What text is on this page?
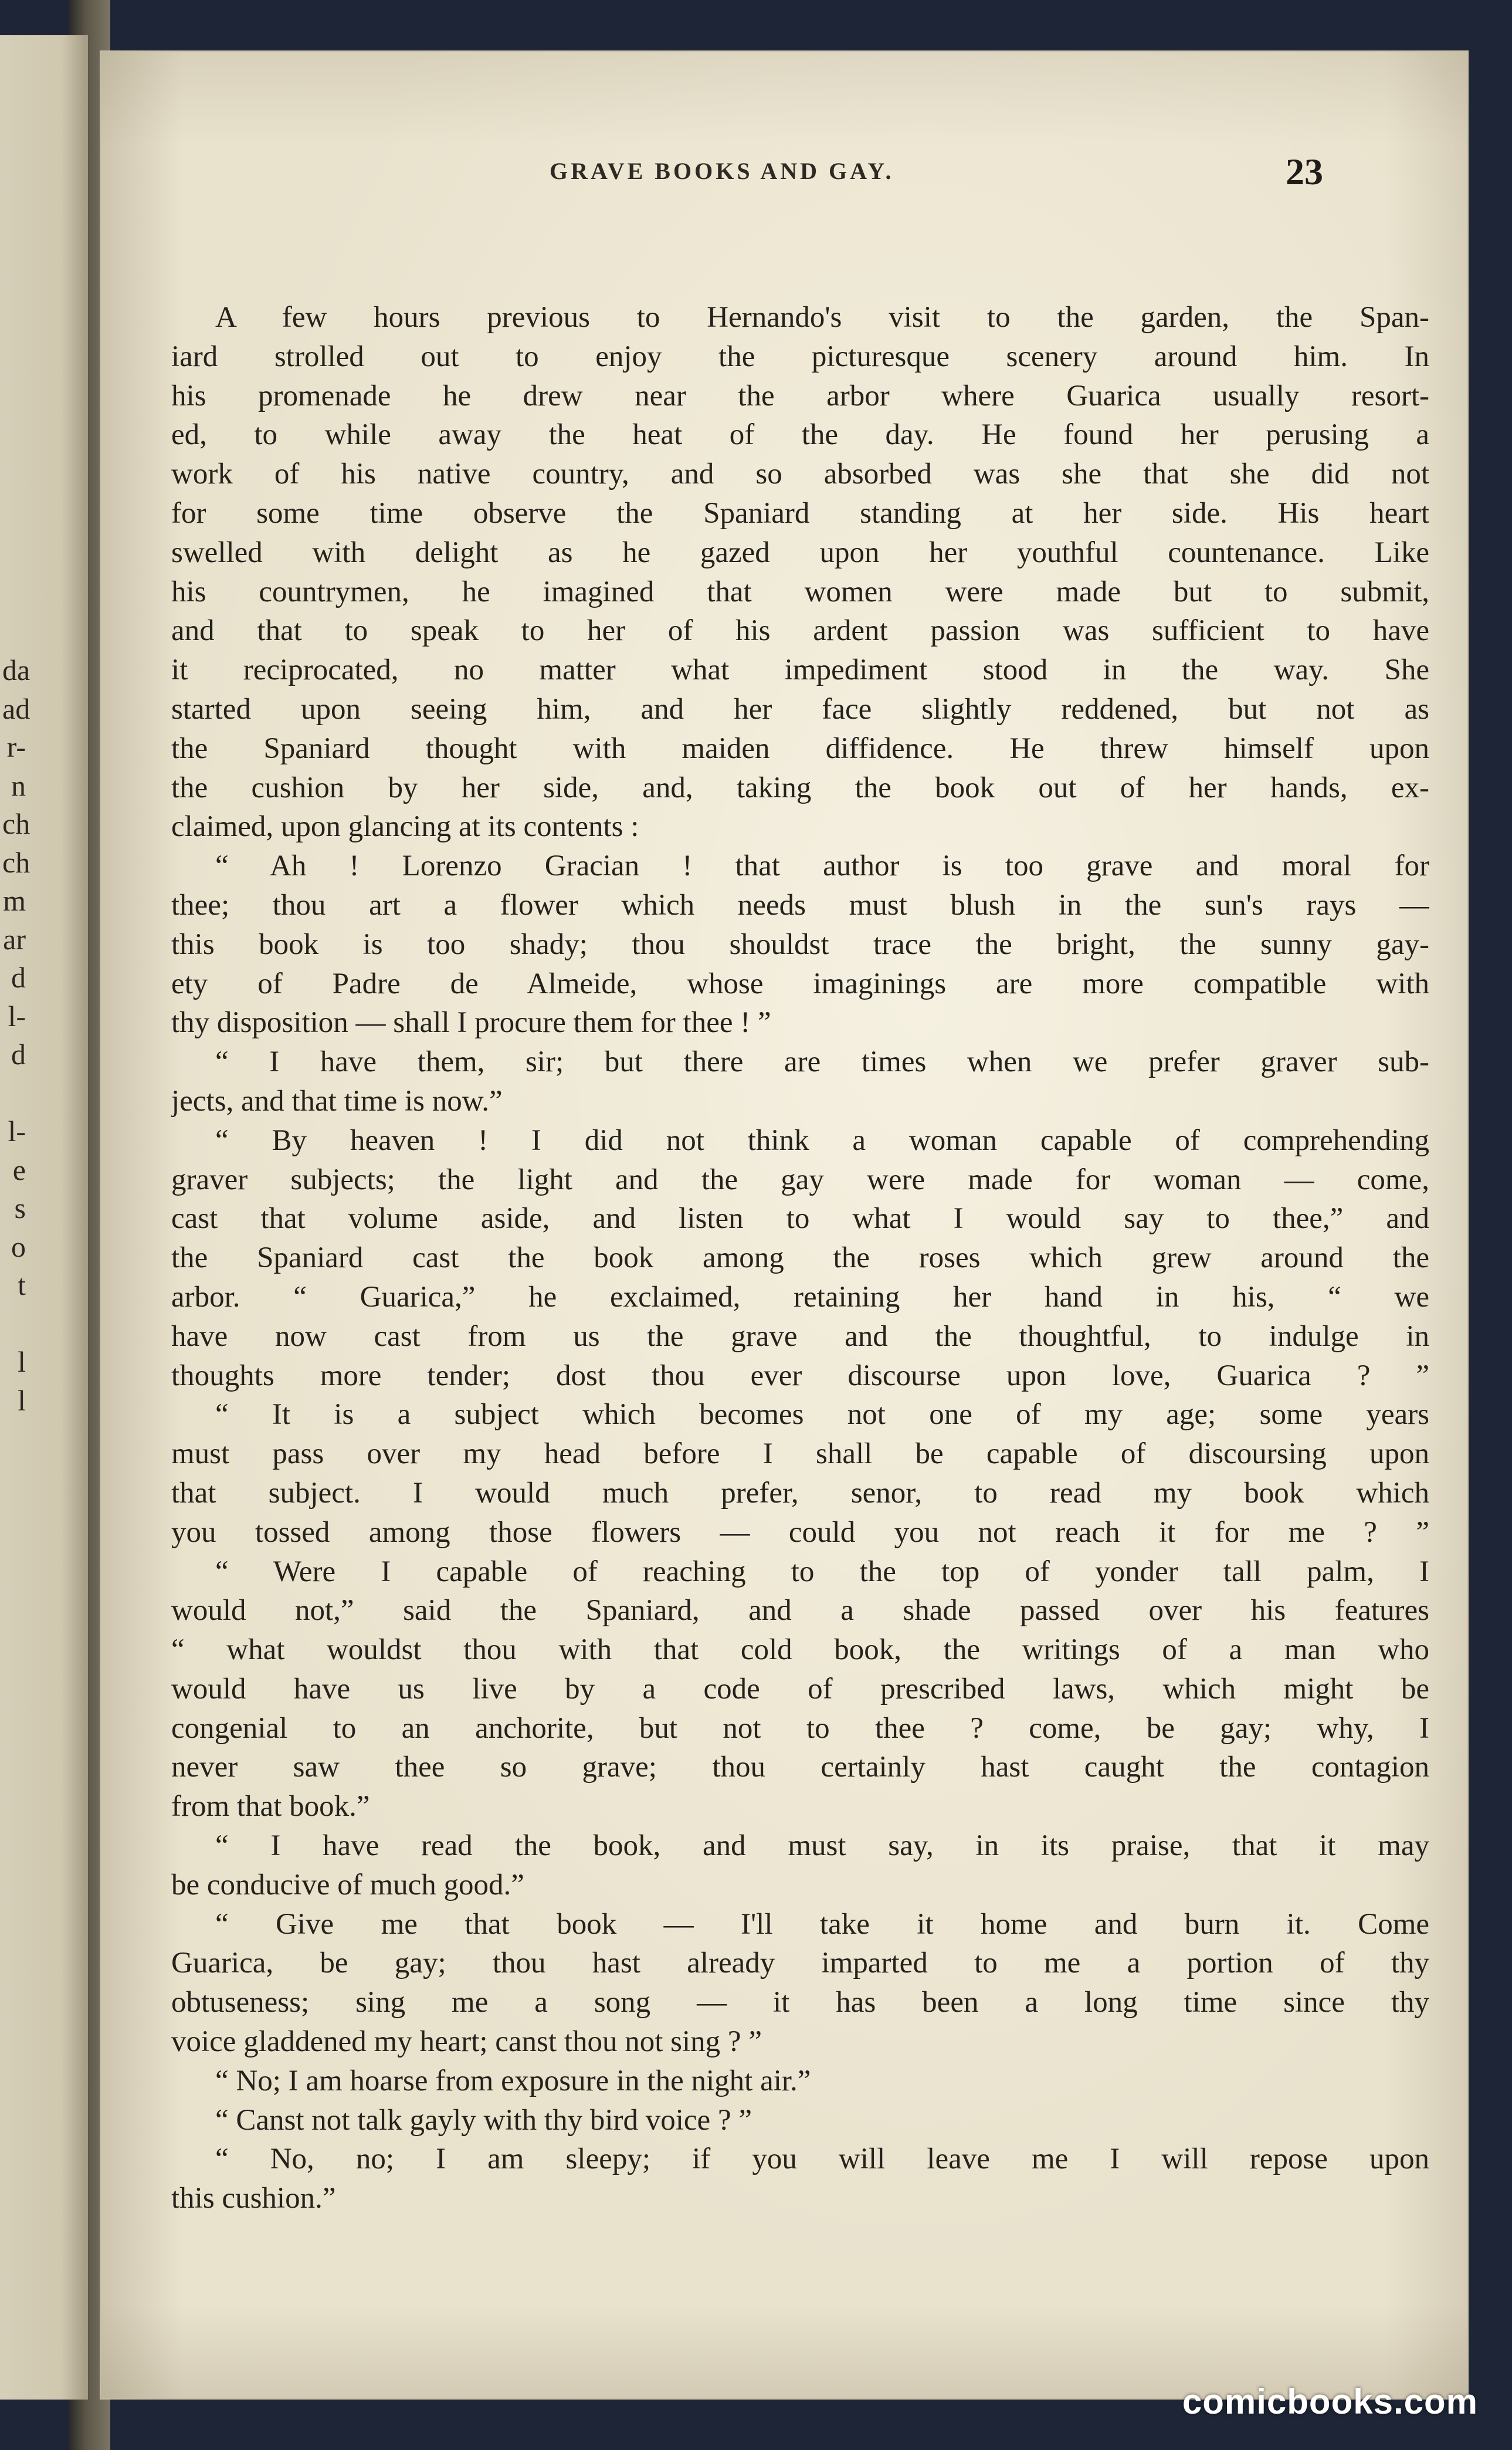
da
ad
r-
n
ch
ch
m
ar
d
l-
d
l-
e
s
o
t
l
l
GRAVE BOOKS AND GAY.	23
A few hours previous to Hernando's visit to the garden, the Span-
iard strolled out to enjoy the picturesque scenery around him. In
his promenade he drew near the arbor where Guarica usually resort-
ed, to while away the heat of the day. He found her perusing a
work of his native country, and so absorbed was she that she did not
for some time observe the Spaniard standing at her side. His heart
swelled with delight as he gazed upon her youthful countenance. Like
his countrymen, he imagined that women were made but to submit,
and that to speak to her of his ardent passion was sufficient to have
it reciprocated, no matter what impediment stood in the way. She
started upon seeing him, and her face slightly reddened, but not as
the Spaniard thought with maiden diffidence. He threw himself upon
the cushion by her side, and, taking the book out of her hands, ex-
claimed, upon glancing at its contents :
“ Ah ! Lorenzo Gracian ! that author is too grave and moral for
thee; thou art a flower which needs must blush in the sun's rays —
this book is too shady; thou shouldst trace the bright, the sunny gay-
ety of Padre de Almeide, whose imaginings are more compatible with
thy disposition — shall I procure them for thee ! ”
“ I have them, sir; but there are times when we prefer graver sub-
jects, and that time is now.”
“ By heaven ! I did not think a woman capable of comprehending
graver subjects; the light and the gay were made for woman — come,
cast that volume aside, and listen to what I would say to thee,” and
the Spaniard cast the book among the roses which grew around the
arbor. “ Guarica,” he exclaimed, retaining her hand in his, “ we
have now cast from us the grave and the thoughtful, to indulge in
thoughts more tender; dost thou ever discourse upon love, Guarica ? ”
“ It is a subject which becomes not one of my age; some years
must pass over my head before I shall be capable of discoursing upon
that subject. I would much prefer, senor, to read my book which
you tossed among those flowers — could you not reach it for me ? ”
“ Were I capable of reaching to the top of yonder tall palm, I
would not,” said the Spaniard, and a shade passed over his features
“ what wouldst thou with that cold book, the writings of a man who
would have us live by a code of prescribed laws, which might be
congenial to an anchorite, but not to thee ? come, be gay; why, I
never saw thee so grave; thou certainly hast caught the contagion
from that book.”
“ I have read the book, and must say, in its praise, that it may
be conducive of much good.”
“ Give me that book — I'll take it home and burn it. Come
Guarica, be gay; thou hast already imparted to me a portion of thy
obtuseness; sing me a song — it has been a long time since thy
voice gladdened my heart; canst thou not sing ? ”
“ No; I am hoarse from exposure in the night air.”
“ Canst not talk gayly with thy bird voice ? ”
“ No, no; I am sleepy; if you will leave me I will repose upon
this cushion.”
comicbooks.com
